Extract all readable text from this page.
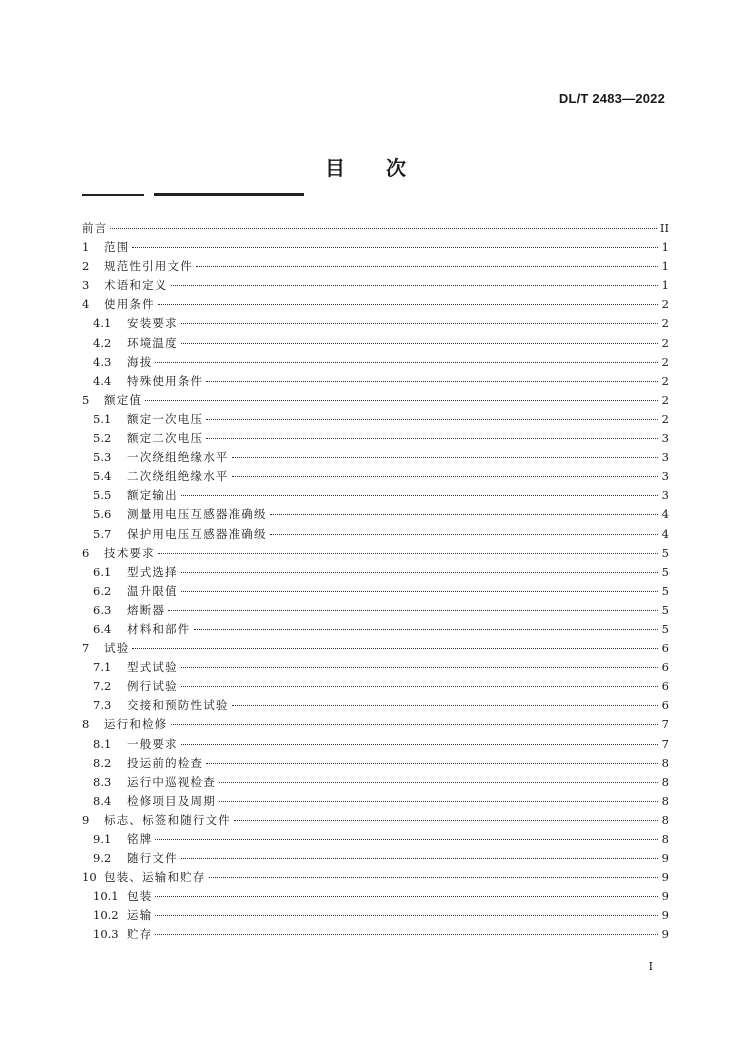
DL/T 2483—2022
目 次
前言	II
1	范围	1
2	规范性引用文件	1
3	术语和定义	1
4	使用条件	2
4.1	安装要求	2
4.2	环境温度	2
4.3	海拔	2
4.4	特殊使用条件	2
5	额定值	2
5.1	额定一次电压	2
5.2	额定二次电压	3
5.3	一次绕组绝缘水平	3
5.4	二次绕组绝缘水平	3
5.5	额定输出	3
5.6	测量用电压互感器准确级	4
5.7	保护用电压互感器准确级	4
6	技术要求	5
6.1	型式选择	5
6.2	温升限值	5
6.3	熔断器	5
6.4	材料和部件	5
7	试验	6
7.1	型式试验	6
7.2	例行试验	6
7.3	交接和预防性试验	6
8	运行和检修	7
8.1	一般要求	7
8.2	投运前的检查	8
8.3	运行中巡视检查	8
8.4	检修项目及周期	8
9	标志、标签和随行文件	8
9.1	铭牌	8
9.2	随行文件	9
10 包装、运输和贮存	9
10.1 包装	9
10.2 运输	9
10.3 贮存	9
I
